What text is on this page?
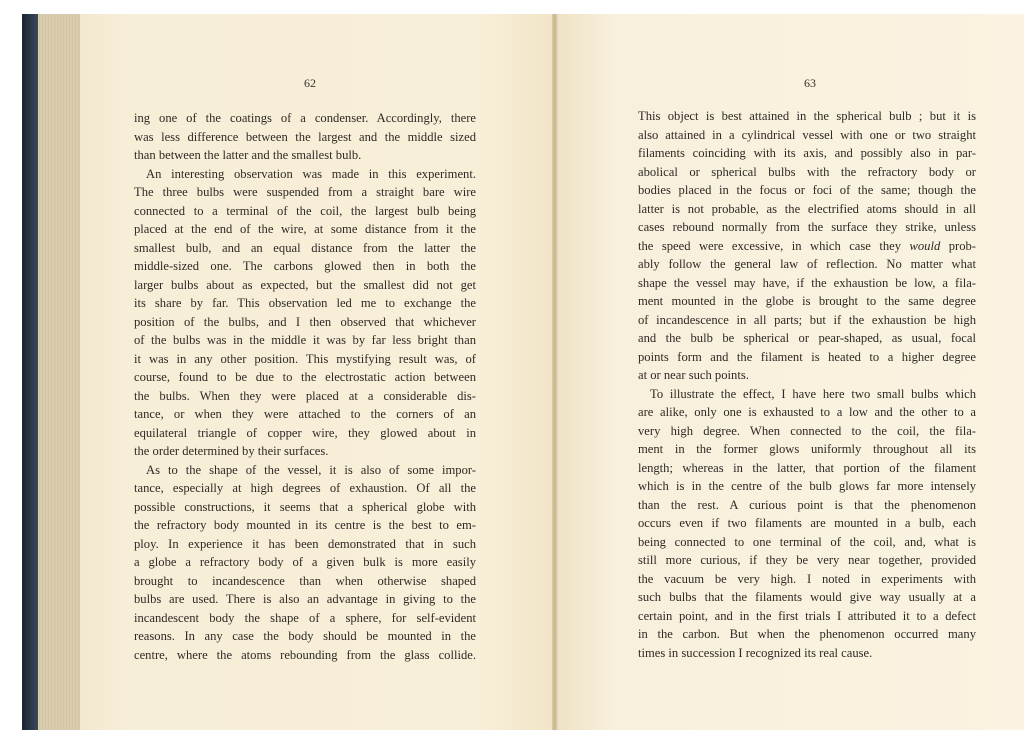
62	63
ing one of the coatings of a condenser. Accordingly, there
was less difference between the largest and the middle sized
than between the latter and the smallest bulb.
An interesting observation was made in this experiment.
The three bulbs were suspended from a straight bare wire
connected to a terminal of the coil, the largest bulb being
placed at the end of the wire, at some distance from it the
smallest bulb, and an equal distance from the latter the
middle-sized one. The carbons glowed then in both the
larger bulbs about as expected, but the smallest did not get
its share by far. This observation led me to exchange the
position of the bulbs, and I then observed that whichever
of the bulbs was in the middle it was by far less bright than
it was in any other position. This mystifying result was, of
course, found to be due to the electrostatic action between
the bulbs. When they were placed at a considerable dis-
tance, or when they were attached to the corners of an
equilateral triangle of copper wire, they glowed about in
the order determined by their surfaces.
As to the shape of the vessel, it is also of some impor-
tance, especially at high degrees of exhaustion. Of all the
possible constructions, it seems that a spherical globe with
the refractory body mounted in its centre is the best to em-
ploy. In experience it has been demonstrated that in such
a globe a refractory body of a given bulk is more easily
brought to incandescence than when otherwise shaped
bulbs are used. There is also an advantage in giving to the
incandescent body the shape of a sphere, for self-evident
reasons. In any case the body should be mounted in the
centre, where the atoms rebounding from the glass collide.
This object is best attained in the spherical bulb ; but it is
also attained in a cylindrical vessel with one or two straight
filaments coinciding with its axis, and possibly also in par-
abolical or spherical bulbs with the refractory body or
bodies placed in the focus or foci of the same; though the
latter is not probable, as the electrified atoms should in all
cases rebound normally from the surface they strike, unless
the speed were excessive, in which case they would prob-
ably follow the general law of reflection. No matter what
shape the vessel may have, if the exhaustion be low, a fila-
ment mounted in the globe is brought to the same degree
of incandescence in all parts; but if the exhaustion be high
and the bulb be spherical or pear-shaped, as usual, focal
points form and the filament is heated to a higher degree
at or near such points.
To illustrate the effect, I have here two small bulbs which
are alike, only one is exhausted to a low and the other to a
very high degree. When connected to the coil, the fila-
ment in the former glows uniformly throughout all its
length; whereas in the latter, that portion of the filament
which is in the centre of the bulb glows far more intensely
than the rest. A curious point is that the phenomenon
occurs even if two filaments are mounted in a bulb, each
being connected to one terminal of the coil, and, what is
still more curious, if they be very near together, provided
the vacuum be very high. I noted in experiments with
such bulbs that the filaments would give way usually at a
certain point, and in the first trials I attributed it to a defect
in the carbon. But when the phenomenon occurred many
times in succession I recognized its real cause.
